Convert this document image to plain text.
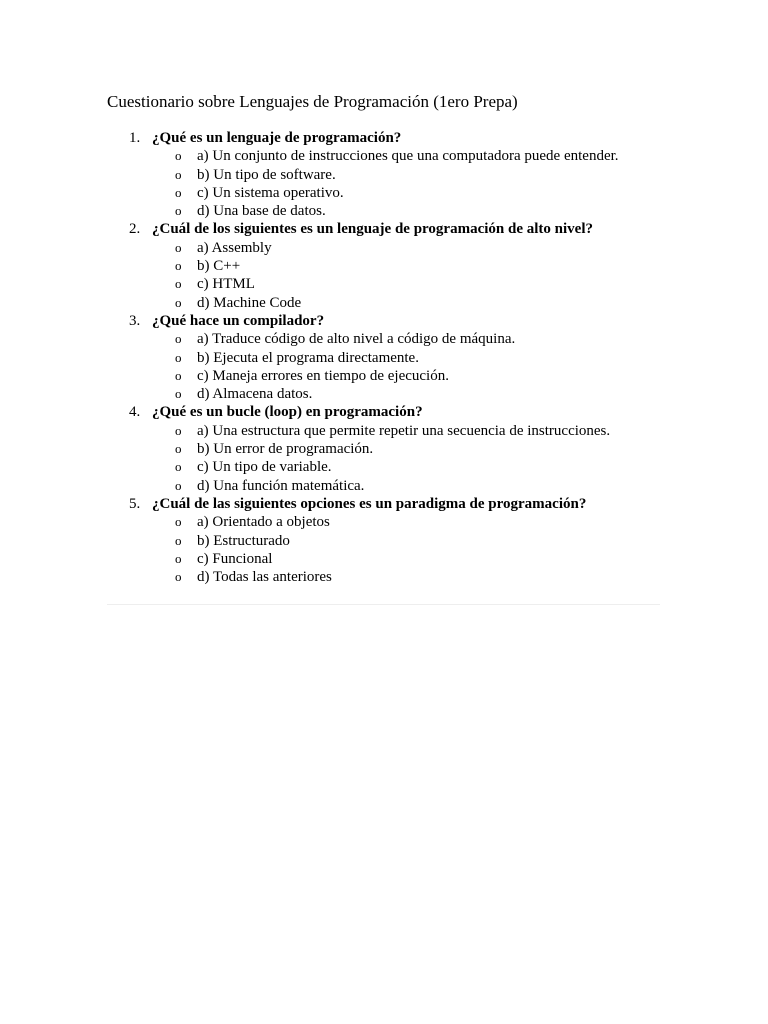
Cuestionario sobre Lenguajes de Programación (1ero Prepa)
1. ¿Qué es un lenguaje de programación?
o a) Un conjunto de instrucciones que una computadora puede entender.
o b) Un tipo de software.
o c) Un sistema operativo.
o d) Una base de datos.
2. ¿Cuál de los siguientes es un lenguaje de programación de alto nivel?
o a) Assembly
o b) C++
o c) HTML
o d) Machine Code
3. ¿Qué hace un compilador?
o a) Traduce código de alto nivel a código de máquina.
o b) Ejecuta el programa directamente.
o c) Maneja errores en tiempo de ejecución.
o d) Almacena datos.
4. ¿Qué es un bucle (loop) en programación?
o a) Una estructura que permite repetir una secuencia de instrucciones.
o b) Un error de programación.
o c) Un tipo de variable.
o d) Una función matemática.
5. ¿Cuál de las siguientes opciones es un paradigma de programación?
o a) Orientado a objetos
o b) Estructurado
o c) Funcional
o d) Todas las anteriores
